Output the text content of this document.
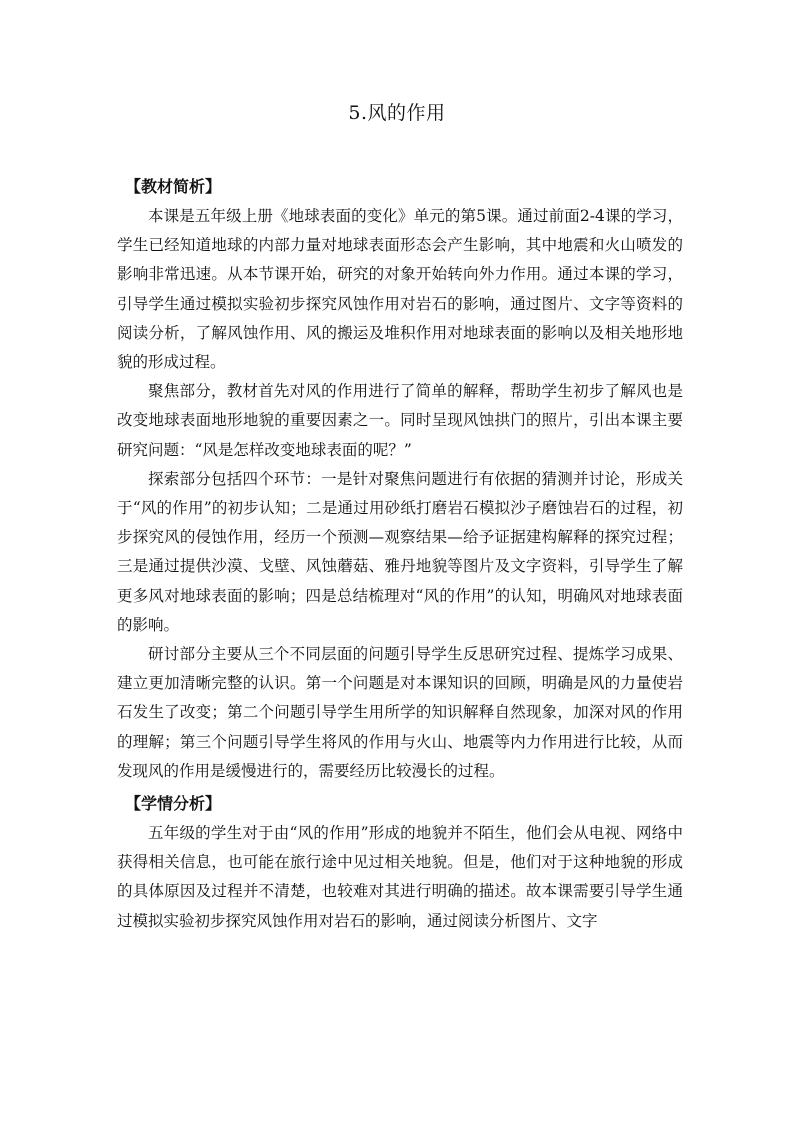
5.风的作用
【教材简析】

本课是五年级上册《地球表面的变化》单元的第5课。通过前面2-4课的学习，学生已经知道地球的内部力量对地球表面形态会产生影响，其中地震和火山喷发的影响非常迅速。从本节课开始，研究的对象开始转向外力作用。通过本课的学习，引导学生通过模拟实验初步探究风蚀作用对岩石的影响，通过图片、文字等资料的阅读分析，了解风蚀作用、风的搬运及堆积作用对地球表面的影响以及相关地形地貌的形成过程。

聚焦部分，教材首先对风的作用进行了简单的解释，帮助学生初步了解风也是改变地球表面地形地貌的重要因素之一。同时呈现风蚀拱门的照片，引出本课主要研究问题：“风是怎样改变地球表面的呢？”

探索部分包括四个环节：一是针对聚焦问题进行有依据的猜测并讨论，形成关于“风的作用”的初步认知；二是通过用砂纸打磨岩石模拟沙子磨蚀岩石的过程，初步探究风的侵蚀作用，经历一个预测—观察结果—给予证据建构解释的探究过程；三是通过提供沙漠、戈壁、风蚀蘑菇、雅丹地貌等图片及文字资料，引导学生了解更多风对地球表面的影响；四是总结梳理对“风的作用”的认知，明确风对地球表面的影响。

研讨部分主要从三个不同层面的问题引导学生反思研究过程、提炼学习成果、建立更加清晰完整的认识。第一个问题是对本课知识的回顾，明确是风的力量使岩石发生了改变；第二个问题引导学生用所学的知识解释自然现象，加深对风的作用的理解；第三个问题引导学生将风的作用与火山、地震等内力作用进行比较，从而发现风的作用是缓慢进行的，需要经历比较漫长的过程。

【学情分析】

五年级的学生对于由“风的作用”形成的地貌并不陌生，他们会从电视、网络中获得相关信息，也可能在旅行途中见过相关地貌。但是，他们对于这种地貌的形成的具体原因及过程并不清楚，也较难对其进行明确的描述。故本课需要引导学生通过模拟实验初步探究风蚀作用对岩石的影响，通过阅读分析图片、文字
